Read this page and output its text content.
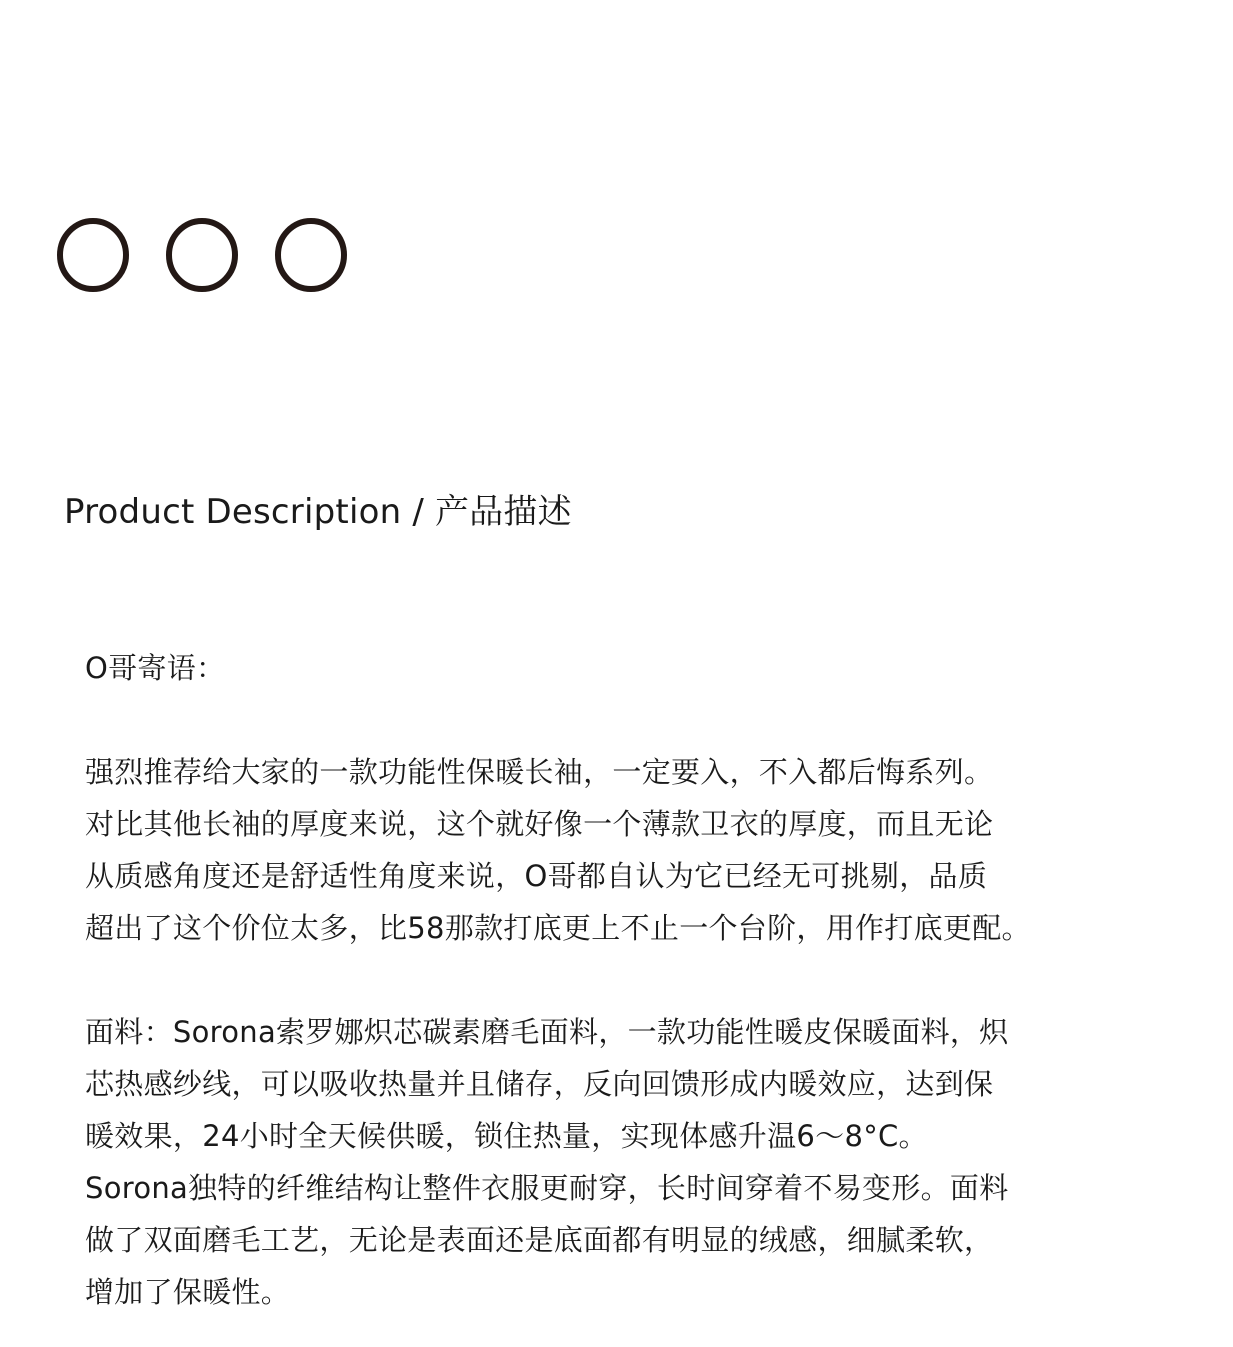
Product Description / 产品描述
O哥寄语：
强烈推荐给大家的一款功能性保暖长袖，一定要入，不入都后悔系列。
对比其他长袖的厚度来说，这个就好像一个薄款卫衣的厚度，而且无论
从质感角度还是舒适性角度来说，O哥都自认为它已经无可挑剔，品质
超出了这个价位太多，比58那款打底更上不止一个台阶，用作打底更配。
面料：Sorona索罗娜炽芯碳素磨毛面料，一款功能性暖皮保暖面料，炽
芯热感纱线，可以吸收热量并且储存，反向回馈形成内暖效应，达到保
暖效果，24小时全天候供暖，锁住热量，实现体感升温6～8°C。
Sorona独特的纤维结构让整件衣服更耐穿，长时间穿着不易变形。面料
做了双面磨毛工艺，无论是表面还是底面都有明显的绒感，细腻柔软，
增加了保暖性。
